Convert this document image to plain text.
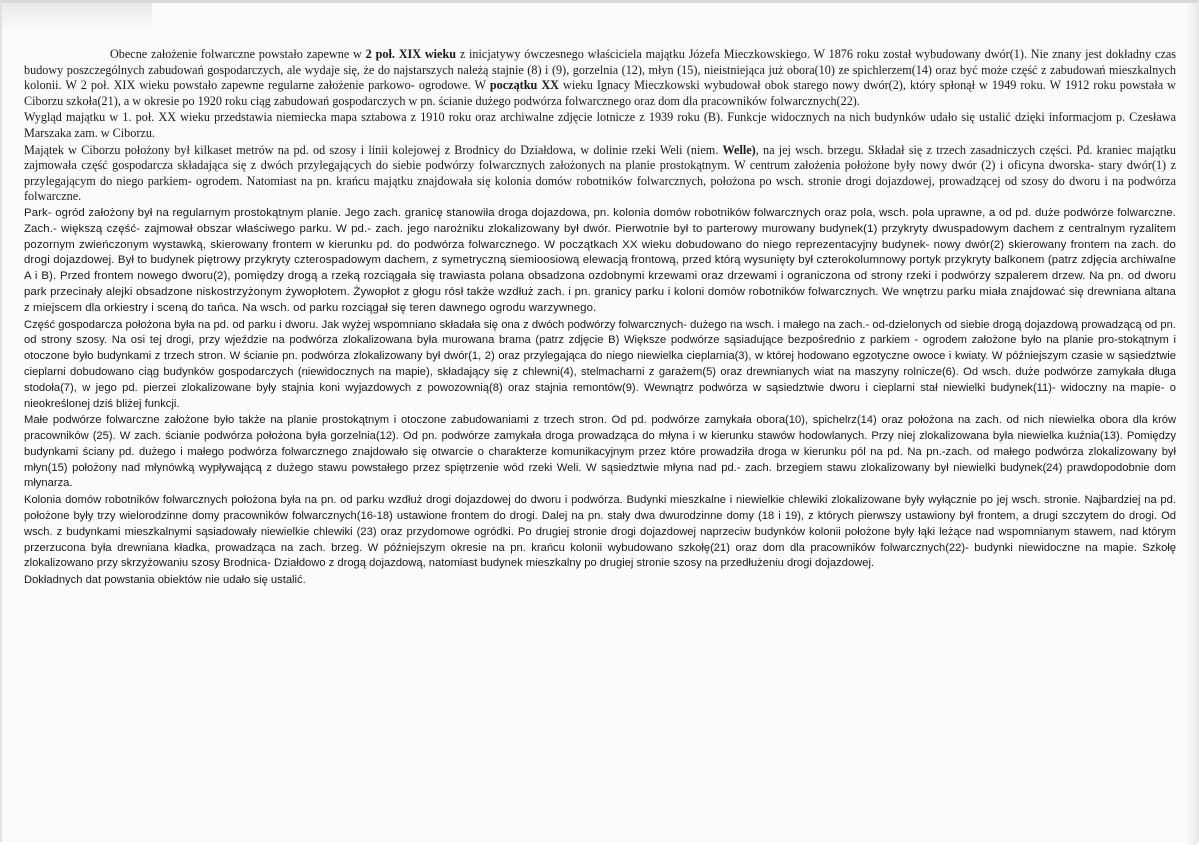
Obecne założenie folwarczne powstało zapewne w 2 poł. XIX wieku z inicjatywy ówczesnego właściciela majątku Józefa Mieczkowskiego. W 1876 roku został wybudowany dwór(1). Nie znany jest dokładny czas budowy poszczególnych zabudowań gospodarczych, ale wydaje się, że do najstarszych należą stajnie (8) i (9), gorzelnia (12), młyn (15), nieistniejąca już obora(10) ze spichlerzem(14) oraz być może część z zabudowań mieszkalnych kolonii. W 2 poł. XIX wieku powstało zapewne regularne założenie parkowo- ogrodowe. W początku XX wieku Ignacy Mieczkowski wybudował obok starego nowy dwór(2), który spłonął w 1949 roku. W 1912 roku powstała w Ciborzu szkoła(21), a w okresie po 1920 roku ciąg zabudowań gospodarczych w pn. ścianie dużego podwórza folwarcznego oraz dom dla pracowników folwarcznych(22).

Wygląd majątku w 1. poł. XX wieku przedstawia niemiecka mapa sztabowa z 1910 roku oraz archiwalne zdjęcie lotnicze z 1939 roku (B). Funkcje widocznych na nich budynków udało się ustalić dzięki informacjom p. Czesława Marszaka zam. w Ciborzu.

Majątek w Ciborzu położony był kilkaset metrów na pd. od szosy i linii kolejowej z Brodnicy do Działdowa, w dolinie rzeki Weli (niem. Welle), na jej wsch. brzegu. Składał się z trzech zasadniczych części. Pd. kraniec majątku zajmowała część gospodarcza składająca się z dwóch przylegających do siebie podwórzy folwarcznych założonych na planie prostokątnym. W centrum założenia położone były nowy dwór (2) i oficyna dworska- stary dwór(1) z przylegającym do niego parkiem- ogrodem. Natomiast na pn. krańcu majątku znajdowała się kolonia domów robotników folwarcznych, położona po wsch. stronie drogi dojazdowej, prowadzącej od szosy do dworu i na podwórza folwarczne.

Park- ogród założony był na regularnym prostokątnym planie. Jego zach. granicę stanowiła droga dojazdowa, pn. kolonia domów robotników folwarcznych oraz pola, wsch. pola uprawne, a od pd. duże podwórze folwarczne. Zach.- większą część- zajmował obszar właściwego parku. W pd.- zach. jego narożniku zlokalizowany był dwór. Pierwotnie był to parterowy murowany budynek(1) przykryty dwuspadowym dachem z centralnym ryzalitem pozornym zwieńczonym wystawką, skierowany frontem w kierunku pd. do podwórza folwarcznego. W początkach XX wieku dobudowano do niego reprezentacyjny budynek- nowy dwór(2) skierowany frontem na zach. do drogi dojazdowej. Był to budynek piętrowy przykryty czterospadowym dachem, z symetryczną siemioosiową elewacją frontową, przed którą wysunięty był czterokolumnowy portyk przykryty balkonem (patrz zdjęcia archiwalne A i B). Przed frontem nowego dworu(2), pomiędzy drogą a rzeką rozciągała się trawiasta polana obsadzona ozdobnymi krzewami oraz drzewami i ograniczona od strony rzeki i podwórzy szpalerem drzew. Na pn. od dworu park przecinały alejki obsadzone niskostrzyżonym żywopłotem. Żywopłot z głogu rósł także wzdłuż zach. i pn. granicy parku i koloni domów robotników folwarcznych. We wnętrzu parku miała znajdować się drewniana altana z miejscem dla orkiestry i sceną do tańca. Na wsch. od parku rozciągał się teren dawnego ogrodu warzywnego.

Część gospodarcza położona była na pd. od parku i dworu. Jak wyżej wspomniano składała się ona z dwóch podwórzy folwarcznych- dużego na wsch. i małego na zach.- od-dzielonych od siebie drogą dojazdową prowadzącą od pn. od strony szosy. Na osi tej drogi, przy wjeździe na podwórza zlokalizowana była murowana brama (patrz zdjęcie B) Większe podwórze sąsiadujące bezpośrednio z parkiem - ogrodem założone było na planie pro-stokątnym i otoczone było budynkami z trzech stron. W ścianie pn. podwórza zlokalizowany był dwór(1, 2) oraz przylegająca do niego niewielka cieplarnia(3), w której hodowano egzotyczne owoce i kwiaty. W późniejszym czasie w sąsiedztwie cieplarni dobudowano ciąg budynków gospodarczych (niewidocznych na mapie), składający się z chlewni(4), stelmacharni z garażem(5) oraz drewnianych wiat na maszyny rolnicze(6). Od wsch. duże podwórze zamykała długa stodoła(7), w jego pd. pierzei zlokalizowane były stajnia koni wyjazdowych z powozownią(8) oraz stajnia remontów(9). Wewnątrz podwórza w sąsiedztwie dworu i cieplarni stał niewielki budynek(11)- widoczny na mapie- o nieokreślonej dziś bliżej funkcji.

Małe podwórze folwarczne założone było także na planie prostokątnym i otoczone zabudowaniami z trzech stron. Od pd. podwórze zamykała obora(10), spichelrz(14) oraz położona na zach. od nich niewielka obora dla krów pracowników (25). W zach. ścianie podwórza położona była gorzelnia(12). Od pn. podwórze zamykała droga prowadząca do młyna i w kierunku stawów hodowlanych. Przy niej zlokalizowana była niewielka kuźnia(13). Pomiędzy budynkami ściany pd. dużego i małego podwórza folwarcznego znajdowało się otwarcie o charakterze komunikacyjnym przez które prowadziła droga w kierunku pól na pd. Na pn.-zach. od małego podwórza zlokalizowany był młyn(15) położony nad młynówką wypływającą z dużego stawu powstałego przez spiętrzenie wód rzeki Weli. W sąsiedztwie młyna nad pd.- zach. brzegiem stawu zlokalizowany był niewielki budynek(24) prawdopodobnie dom młynarza.

Kolonia domów robotników folwarcznych położona była na pn. od parku wzdłuż drogi dojazdowej do dworu i podwórza. Budynki mieszkalne i niewielkie chlewiki zlokalizowane były wyłącznie po jej wsch. stronie. Najbardziej na pd. położone były trzy wielorodzinne domy pracowników folwarcznych(16-18) ustawione frontem do drogi. Dalej na pn. stały dwa dwurodzinne domy (18 i 19), z których pierwszy ustawiony był frontem, a drugi szczytem do drogi. Od wsch. z budynkami mieszkalnymi sąsiadowały niewielkie chlewiki (23) oraz przydomowe ogródki. Po drugiej stronie drogi dojazdowej naprzeciw budynków kolonii położone były łąki leżące nad wspomnianym stawem, nad którym przerzucona była drewniana kładka, prowadząca na zach. brzeg. W późniejszym okresie na pn. krańcu kolonii wybudowano szkołę(21) oraz dom dla pracowników folwarcznych(22)- budynki niewidoczne na mapie. Szkołę zlokalizowano przy skrzyżowaniu szosy Brodnica- Działdowo z drogą dojazdową, natomiast budynek mieszkalny po drugiej stronie szosy na przedłużeniu drogi dojazdowej.

Dokładnych dat powstania obiektów nie udało się ustalić.
